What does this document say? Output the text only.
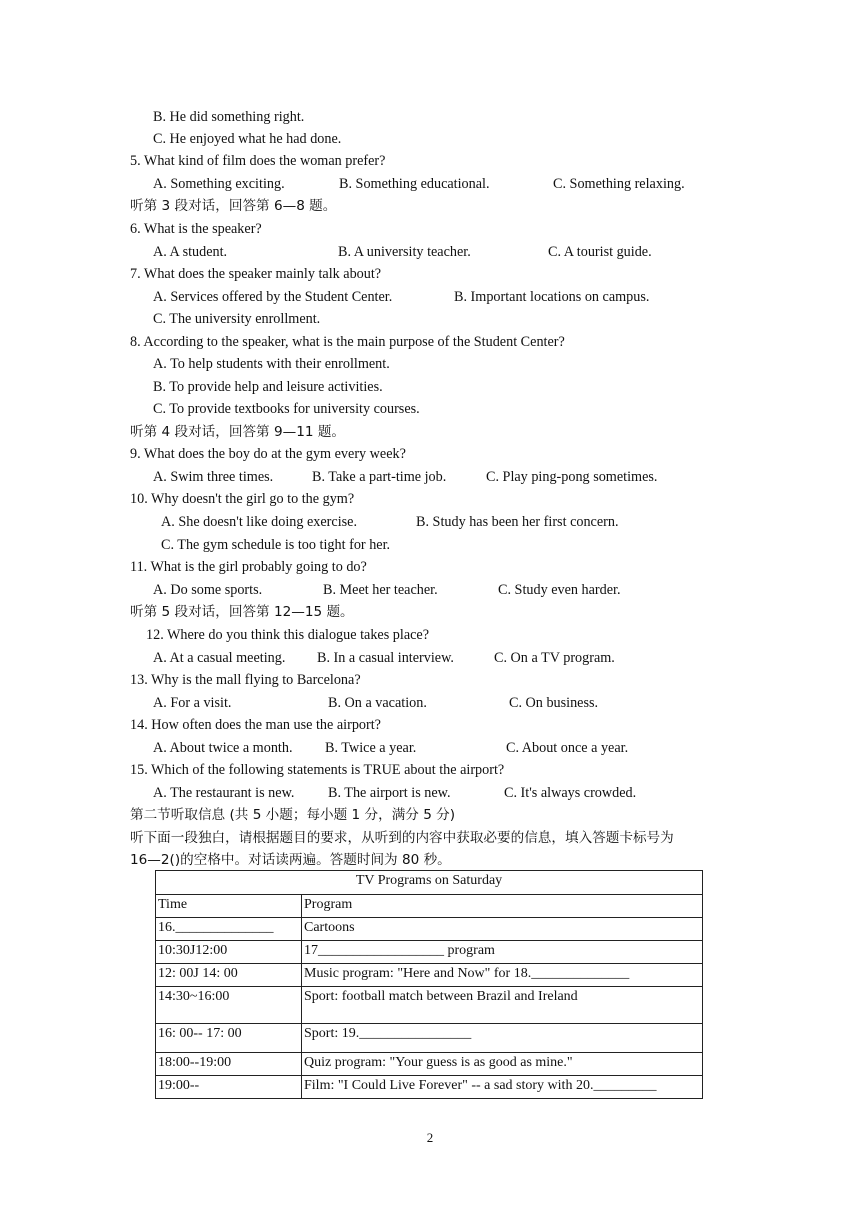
B. He did something right.
C. He enjoyed what he had done.
5. What kind of film does the woman prefer?
A. Something exciting.	B. Something educational.	C. Something relaxing.
听第 3 段对话，回答第 6—8 题。
6. What is the speaker?
A. A student.	B. A university teacher.	C. A tourist guide.
7. What does the speaker mainly talk about?
A. Services offered by the Student Center.	B. Important locations on campus.
C. The university enrollment.
8. According to the speaker, what is the main purpose of the Student Center?
A. To help students with their enrollment.
B. To provide help and leisure activities.
C. To provide textbooks for university courses.
听第 4 段对话，回答第 9—11 题。
9. What does the boy do at the gym every week?
A. Swim three times.	B. Take a part-time job.	C. Play ping-pong sometimes.
10. Why doesn't the girl go to the gym?
A. She doesn't like doing exercise.	B. Study has been her first concern.
C. The gym schedule is too tight for her.
11. What is the girl probably going to do?
A. Do some sports.	B. Meet her teacher.	C. Study even harder.
听第 5 段对话，回答第 12—15 题。
12. Where do you think this dialogue takes place?
A. At a casual meeting. B. In a casual interview.	C. On a TV program.
13. Why is the mall flying to Barcelona?
A. For a visit.	B. On a vacation.	C. On business.
14. How often does the man use the airport?
A. About twice a month. B. Twice a year.	C. About once a year.
15. Which of the following statements is TRUE about the airport?
A. The restaurant is new. B. The airport is new.	C. It's always crowded.
第二节听取信息 (共 5 小题；每小题 1 分，满分 5 分)
听下面一段独白，请根据题目的要求，从听到的内容中获取必要的信息，填入答题卡标号为
16—2()的空格中。对话读两遍。答题时间为 80 秒。
TV Programs on Saturday	
Time	Program
16.______________	Cartoons
10:30J12:00	17__________________ program
12: 00J 14: 00	Music program: "Here and Now" for 18.______________
14:30~16:00	Sport: football match between Brazil and Ireland
16: 00-- 17: 00	Sport: 19.________________
18:00--19:00	Quiz program: "Your guess is as good as mine."
19:00--	Film: "I Could Live Forever" -- a sad story with 20._________
2
